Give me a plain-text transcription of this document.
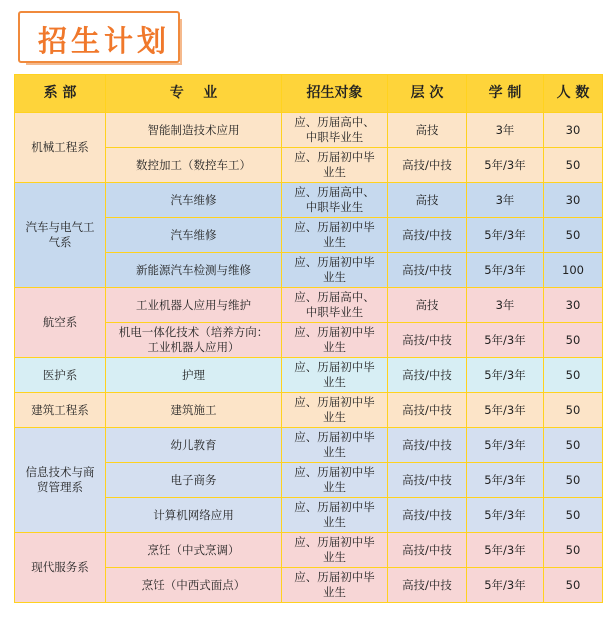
招生计划
系 部	专    业	招生对象	层 次	学 制	人 数
机械工程系	智能制造技术应用	应、历届高中、中职毕业生	高技	3年	30
	数控加工（数控车工）	应、历届初中毕业生	高技/中技	5年/3年	50
汽车与电气工气系	汽车维修	应、历届高中、中职毕业生	高技	3年	30
	汽车维修	应、历届初中毕业生	高技/中技	5年/3年	50
	新能源汽车检测与维修	应、历届初中毕业生	高技/中技	5年/3年	100
航空系	工业机器人应用与维护	应、历届高中、中职毕业生	高技	3年	30
	机电一体化技术（培养方向：工业机器人应用）	应、历届初中毕业生	高技/中技	5年/3年	50
医护系	护理	应、历届初中毕业生	高技/中技	5年/3年	50
建筑工程系	建筑施工	应、历届初中毕业生	高技/中技	5年/3年	50
信息技术与商贸管理系	幼儿教育	应、历届初中毕业生	高技/中技	5年/3年	50
	电子商务	应、历届初中毕业生	高技/中技	5年/3年	50
	计算机网络应用	应、历届初中毕业生	高技/中技	5年/3年	50
现代服务系	烹饪（中式烹调）	应、历届初中毕业生	高技/中技	5年/3年	50
	烹饪（中西式面点）	应、历届初中毕业生	高技/中技	5年/3年	50
